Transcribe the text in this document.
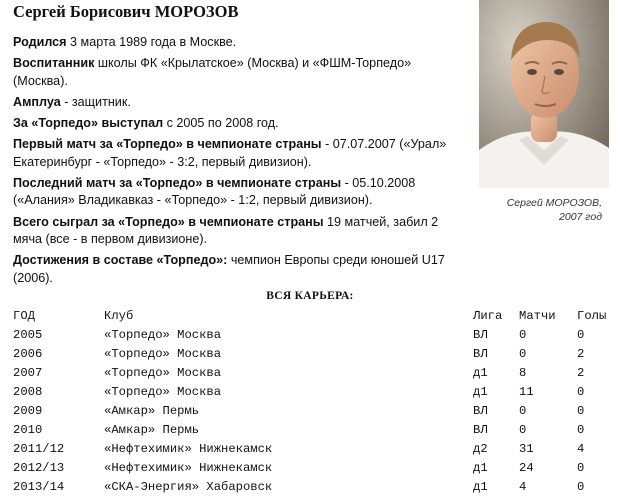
Сергей Борисович МОРОЗОВ

Родился 3 марта 1989 года в Москве.

Воспитанник школы ФК «Крылатское» (Москва) и «ФШМ-Торпедо» (Москва).

Амплуа - защитник.

За «Торпедо» выступал с 2005 по 2008 год.

Первый матч за «Торпедо» в чемпионате страны - 07.07.2007 («Урал» Екатеринбург - «Торпедо» - 3:2, первый дивизион).

Последний матч за «Торпедо» в чемпионате страны - 05.10.2008 («Алания» Владикавказ - «Торпедо» - 1:2, первый дивизион).

Всего сыграл за «Торпедо» в чемпионате страны 19 матчей, забил 2 мяча (все - в первом дивизионе).

Достижения в составе «Торпедо»: чемпион Европы среди юношей U17 (2006).

Сергей МОРОЗОВ,
2007 год
ВСЯ КАРЬЕРА:
ГОД	Клуб	Лига	Матчи	Голы
2005	«Торпедо» Москва	ВЛ	0	0
2006	«Торпедо» Москва	ВЛ	0	2
2007	«Торпедо» Москва	д1	8	2
2008	«Торпедо» Москва	д1	11	0
2009	«Амкар» Пермь	ВЛ	0	0
2010	«Амкар» Пермь	ВЛ	0	0
2011/12	«Нефтехимик» Нижнекамск	д2	31	4
2012/13	«Нефтехимик» Нижнекамск	д1	24	0
2013/14	«СКА-Энергия» Хабаровск	д1	4	0
